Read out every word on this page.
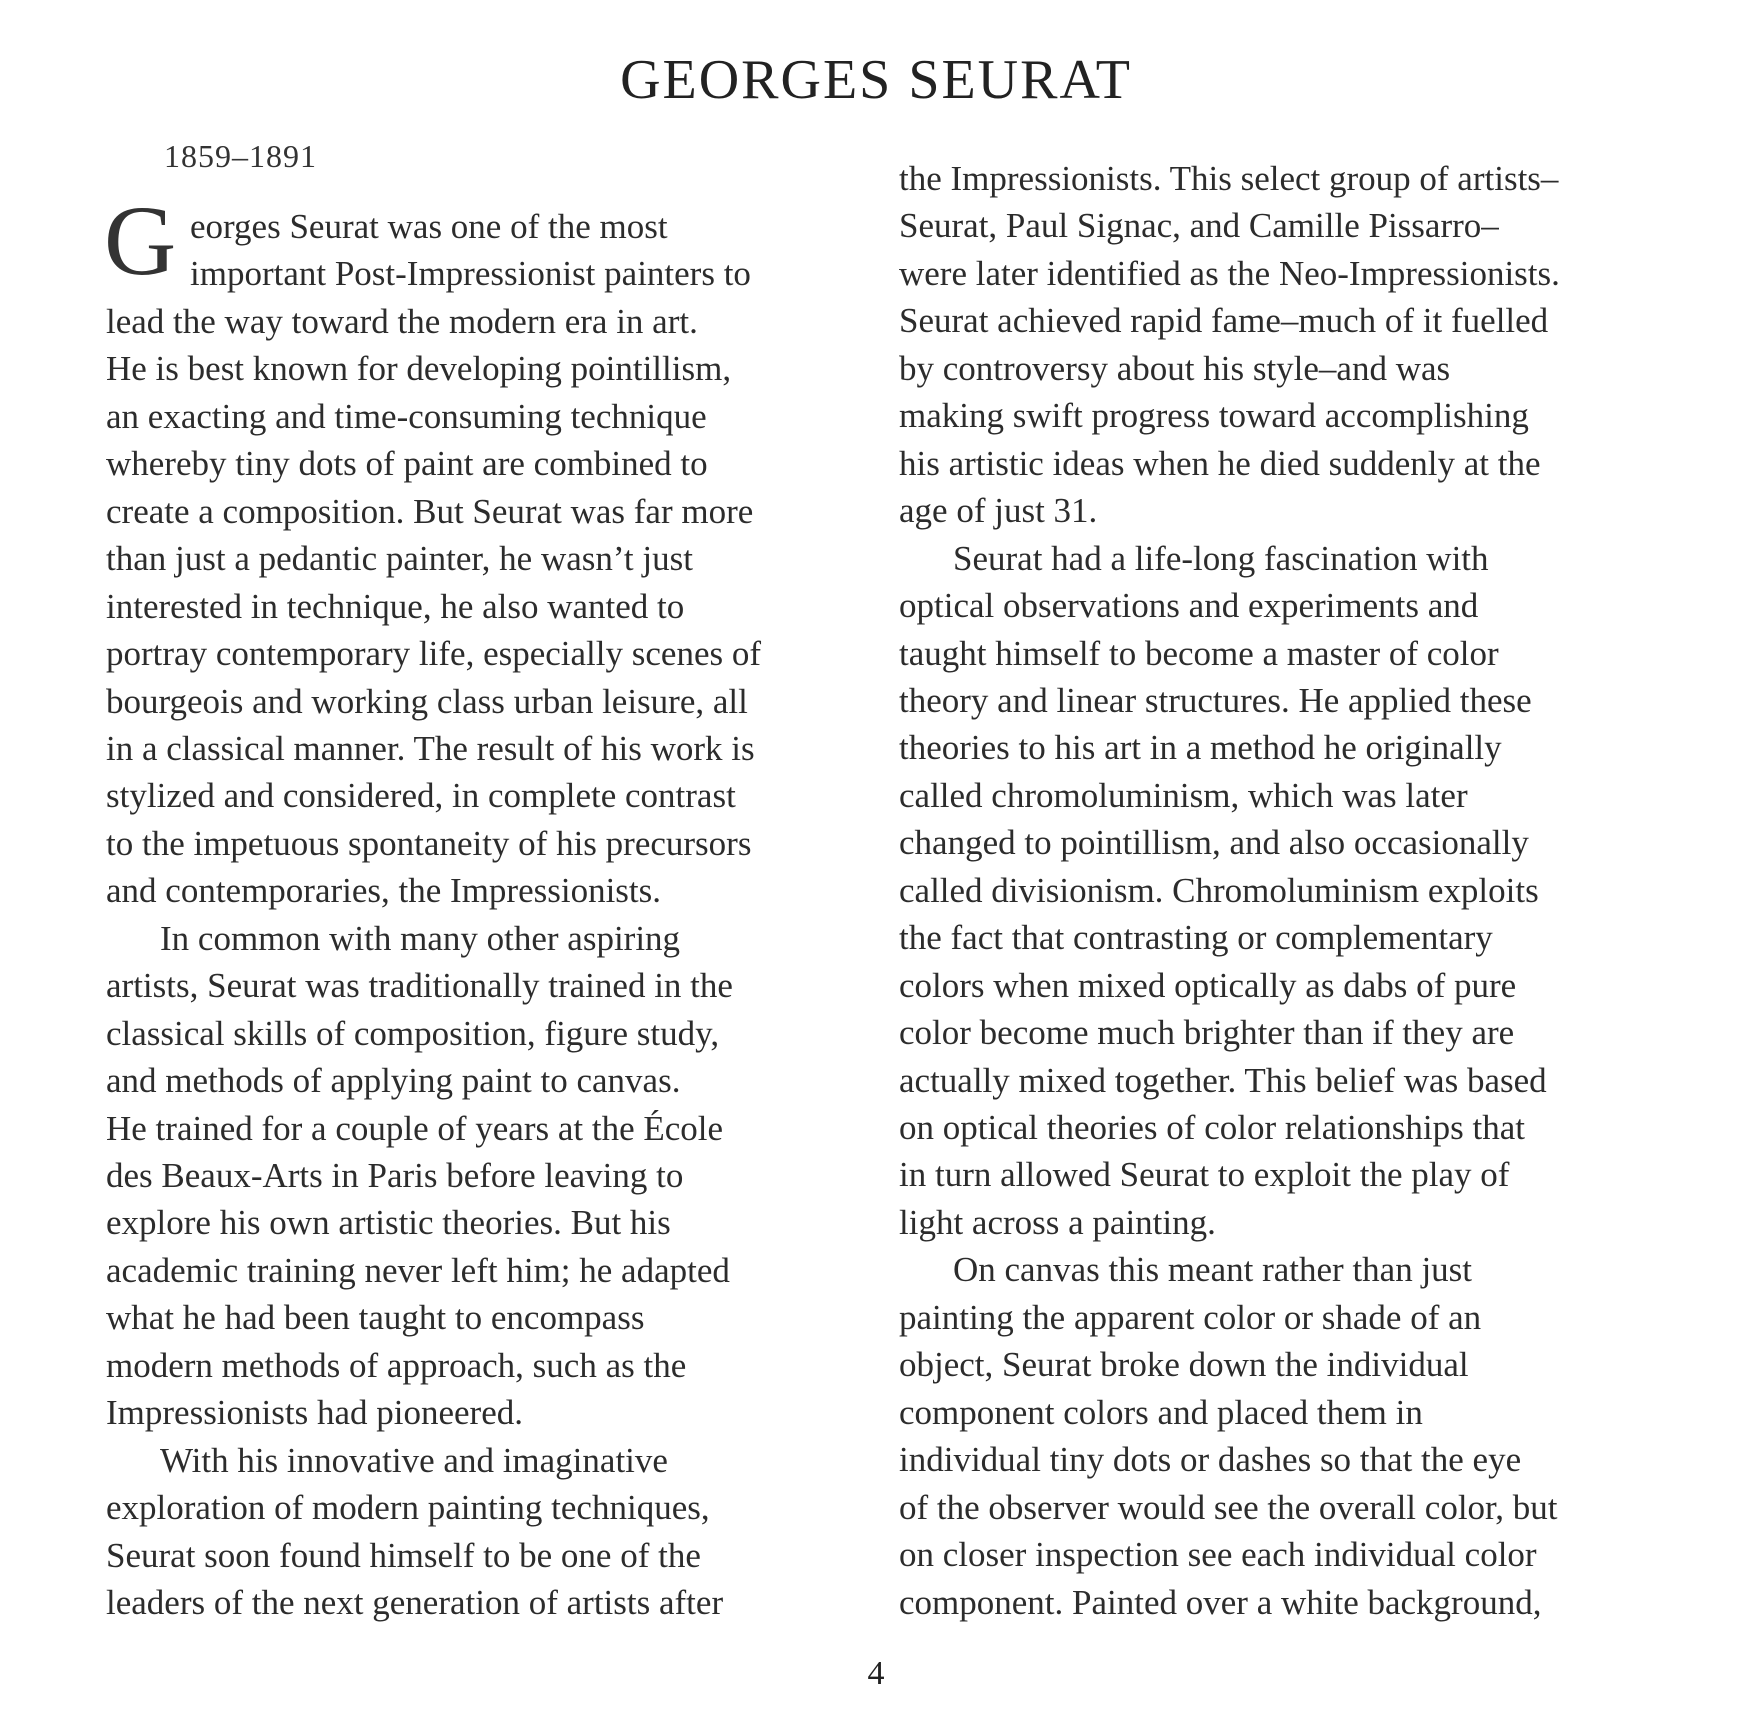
GEORGES SEURAT
1859–1891
G eorges Seurat was one of the most
important Post-Impressionist painters to
lead the way toward the modern era in art.
He is best known for developing pointillism,
an exacting and time-consuming technique
whereby tiny dots of paint are combined to
create a composition. But Seurat was far more
than just a pedantic painter, he wasn’t just
interested in technique, he also wanted to
portray contemporary life, especially scenes of
bourgeois and working class urban leisure, all
in a classical manner. The result of his work is
stylized and considered, in complete contrast
to the impetuous spontaneity of his precursors
and contemporaries, the Impressionists.
In common with many other aspiring
artists, Seurat was traditionally trained in the
classical skills of composition, figure study,
and methods of applying paint to canvas.
He trained for a couple of years at the École
des Beaux-Arts in Paris before leaving to
explore his own artistic theories. But his
academic training never left him; he adapted
what he had been taught to encompass
modern methods of approach, such as the
Impressionists had pioneered.
With his innovative and imaginative
exploration of modern painting techniques,
Seurat soon found himself to be one of the
leaders of the next generation of artists after
the Impressionists. This select group of artists–
Seurat, Paul Signac, and Camille Pissarro–
were later identified as the Neo-Impressionists.
Seurat achieved rapid fame–much of it fuelled
by controversy about his style–and was
making swift progress toward accomplishing
his artistic ideas when he died suddenly at the
age of just 31.
Seurat had a life-long fascination with
optical observations and experiments and
taught himself to become a master of color
theory and linear structures. He applied these
theories to his art in a method he originally
called chromoluminism, which was later
changed to pointillism, and also occasionally
called divisionism. Chromoluminism exploits
the fact that contrasting or complementary
colors when mixed optically as dabs of pure
color become much brighter than if they are
actually mixed together. This belief was based
on optical theories of color relationships that
in turn allowed Seurat to exploit the play of
light across a painting.
On canvas this meant rather than just
painting the apparent color or shade of an
object, Seurat broke down the individual
component colors and placed them in
individual tiny dots or dashes so that the eye
of the observer would see the overall color, but
on closer inspection see each individual color
component. Painted over a white background,
4
